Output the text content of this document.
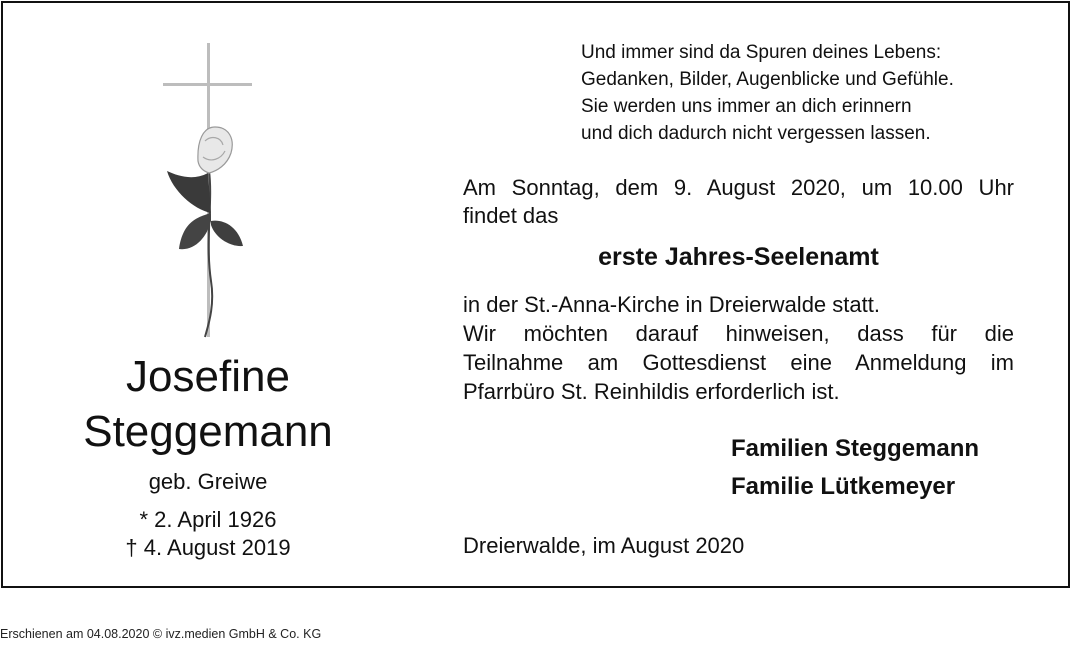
Josefine
Steggemann
geb. Greiwe
* 2. April 1926
† 4. August 2019
Und immer sind da Spuren deines Lebens:
Gedanken, Bilder, Augenblicke und Gefühle.
Sie werden uns immer an dich erinnern
und dich dadurch nicht vergessen lassen.
Am Sonntag, dem 9. August 2020, um 10.00 Uhr
findet das
erste Jahres-Seelenamt
in der St.-Anna-Kirche in Dreierwalde statt.
Wir möchten darauf hinweisen, dass für die
Teilnahme am Gottesdienst eine Anmeldung im
Pfarrbüro St. Reinhildis erforderlich ist.
Familien Steggemann
Familie Lütkemeyer
Dreierwalde, im August 2020
Erschienen am 04.08.2020 © ivz.medien GmbH & Co. KG
